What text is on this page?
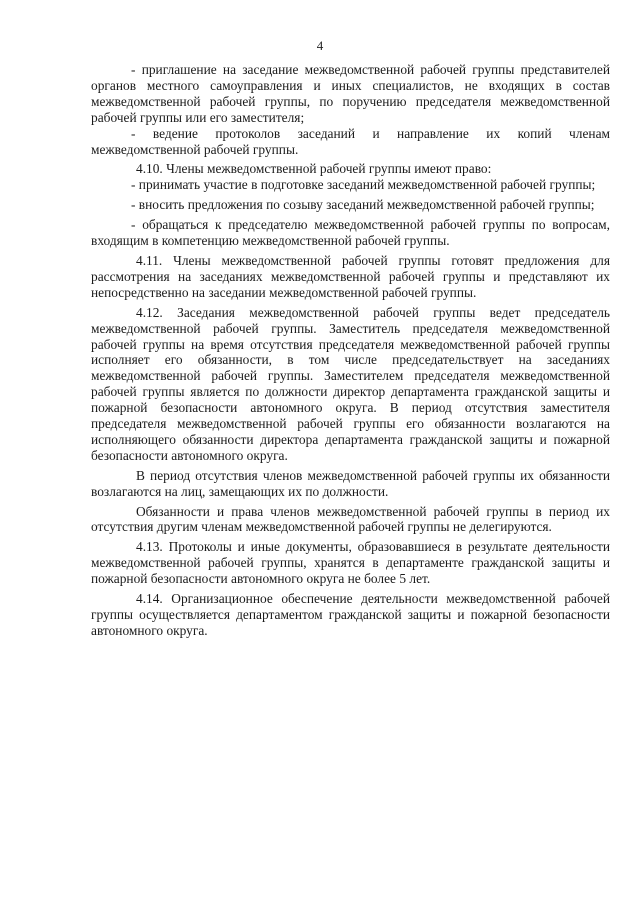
4

- приглашение на заседание межведомственной рабочей группы представителей органов местного самоуправления и иных специалистов, не входящих в состав межведомственной рабочей группы, по поручению председателя межведомственной рабочей группы или его заместителя;

- ведение протоколов заседаний и направление их копий членам межведомственной рабочей группы.

4.10. Члены межведомственной рабочей группы имеют право:

- принимать участие в подготовке заседаний межведомственной рабочей группы;

- вносить предложения по созыву заседаний межведомственной рабочей группы;

- обращаться к председателю межведомственной рабочей группы по вопросам, входящим в компетенцию межведомственной рабочей группы.

4.11. Члены межведомственной рабочей группы готовят предложения для рассмотрения на заседаниях межведомственной рабочей группы и представляют их непосредственно на заседании межведомственной рабочей группы.

4.12. Заседания межведомственной рабочей группы ведет председатель межведомственной рабочей группы. Заместитель председателя межведомственной рабочей группы на время отсутствия председателя межведомственной рабочей группы исполняет его обязанности, в том числе председательствует на заседаниях межведомственной рабочей группы. Заместителем председателя межведомственной рабочей группы является по должности директор департамента гражданской защиты и пожарной безопасности автономного округа. В период отсутствия заместителя председателя межведомственной рабочей группы его обязанности возлагаются на исполняющего обязанности директора департамента гражданской защиты и пожарной безопасности автономного округа.

В период отсутствия членов межведомственной рабочей группы их обязанности возлагаются на лиц, замещающих их по должности.

Обязанности и права членов межведомственной рабочей группы в период их отсутствия другим членам межведомственной рабочей группы не делегируются.

4.13. Протоколы и иные документы, образовавшиеся в результате деятельности межведомственной рабочей группы, хранятся в департаменте гражданской защиты и пожарной безопасности автономного округа не более 5 лет.

4.14. Организационное обеспечение деятельности межведомственной рабочей группы осуществляется департаментом гражданской защиты и пожарной безопасности автономного округа.
